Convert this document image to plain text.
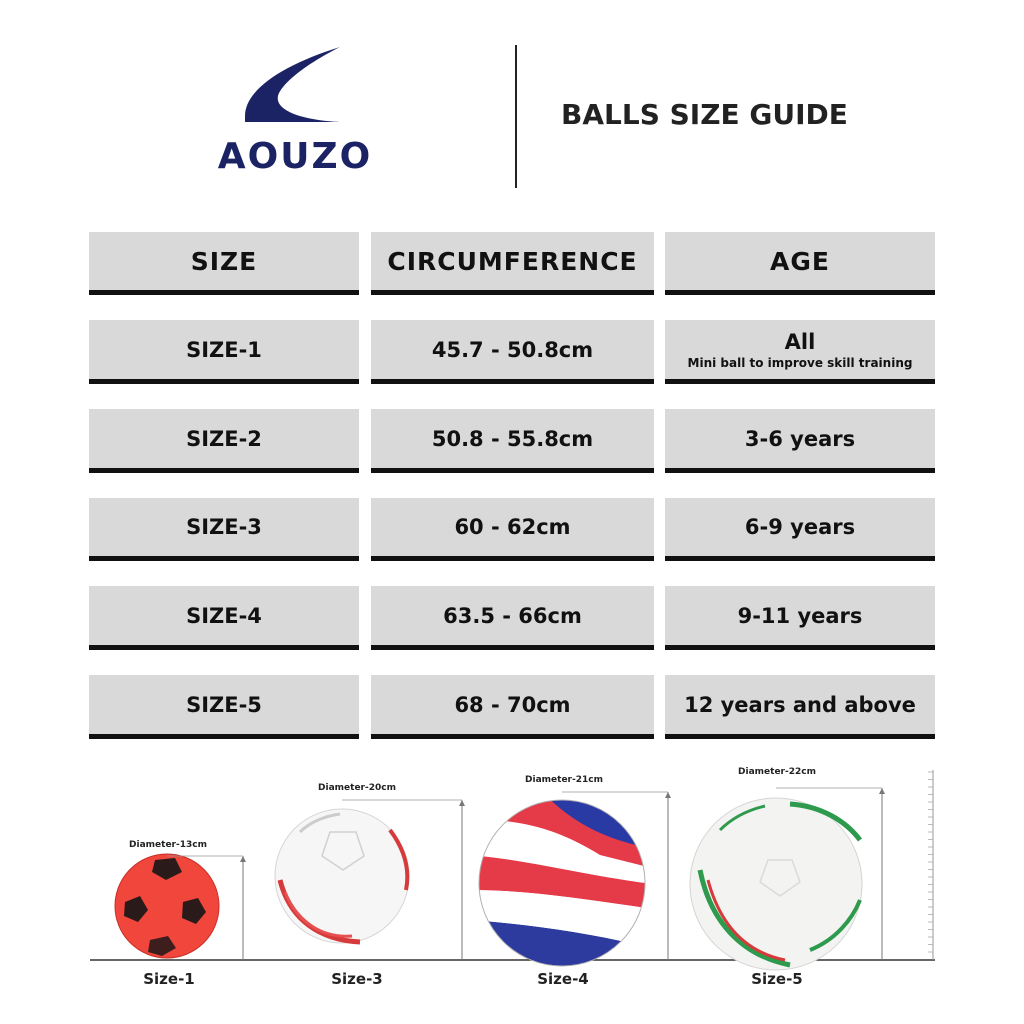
AOUZO
BALLS SIZE GUIDE
SIZE	CIRCUMFERENCE	AGE
SIZE-1	45.7 - 50.8cm	All
Mini ball to improve skill training
SIZE-2	50.8 - 55.8cm	3-6 years
SIZE-3	60 - 62cm	6-9 years
SIZE-4	63.5 - 66cm	9-11 years
SIZE-5	68 - 70cm	12 years and above
Diameter-13cm
Diameter-20cm
Diameter-21cm
Diameter-22cm
Size-1	Size-3	Size-4	Size-5
